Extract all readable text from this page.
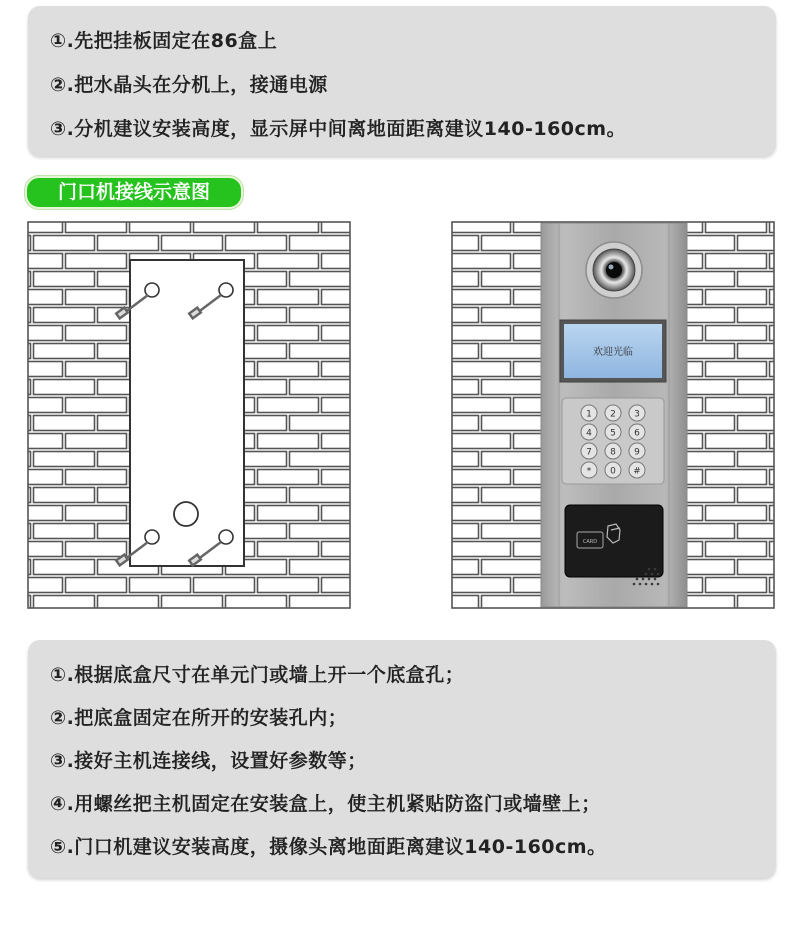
①.先把挂板固定在86盒上
②.把水晶头在分机上，接通电源
③.分机建议安装高度，显示屏中间离地面距离建议140-160cm。
门口机接线示意图
欢迎光临
1 2 3
4 5 6
7 8 9
* 0 #
CARD
①.根据底盒尺寸在单元门或墙上开一个底盒孔；
②.把底盒固定在所开的安装孔内；
③.接好主机连接线，设置好参数等；
④.用螺丝把主机固定在安装盒上，使主机紧贴防盗门或墙壁上；
⑤.门口机建议安装高度，摄像头离地面距离建议140-160cm。
